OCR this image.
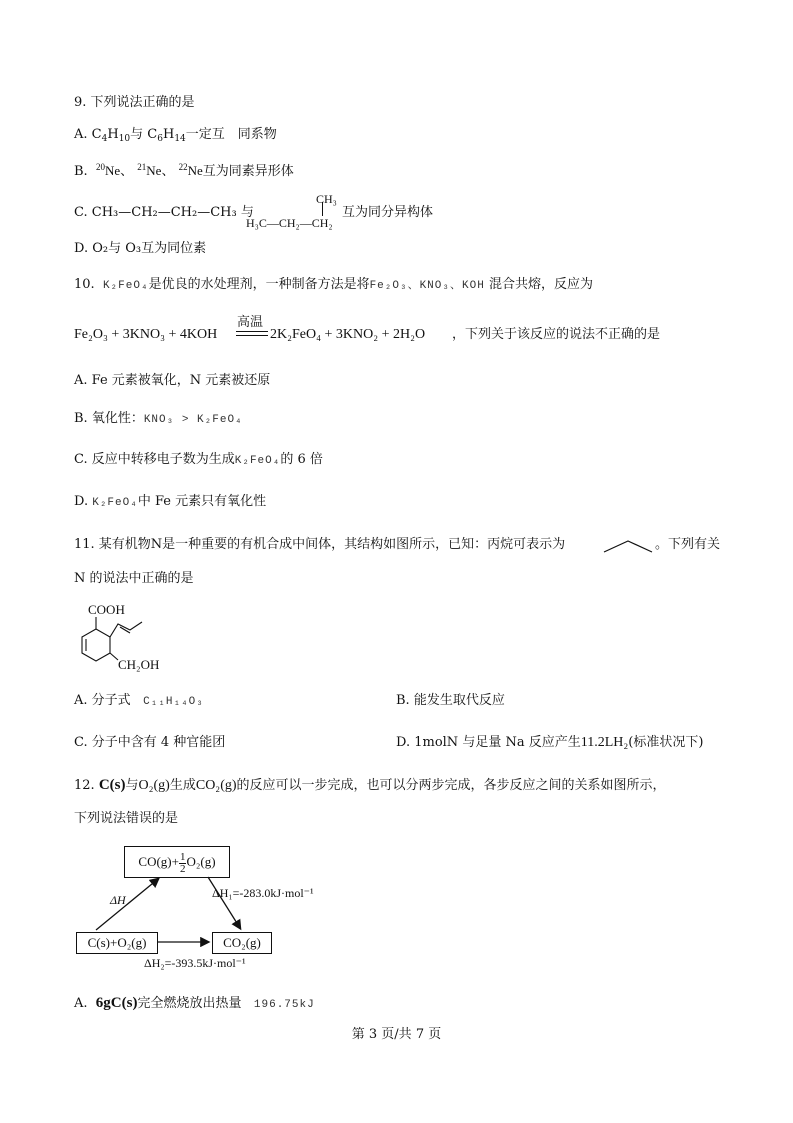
9. 下列说法正确的是
A. $C_4H_{10}$与 $C_6H_{14}$一定互　同系物
B. $^{20}$Ne、 $^{21}$Ne、 $^{22}$Ne互为同素异形体
C. CH₃—CH₂—CH₂—CH₃ 与
CH₃
H₃C—CH₂—CH₂
互为同分异构体
D. O₂与 O₃互为同位素
10. K₂FeO₄是优良的水处理剂，一种制备方法是将Fe₂O₃、KNO₃、KOH 混合共熔，反应为
高温
Fe₂O₃ + 3KNO₃ + 4KOH	2K₂FeO₄ + 3KNO₂ + 2H₂O ，下列关于该反应的说法不正确的是
A. Fe 元素被氧化，N 元素被还原
B. 氧化性：KNO₃ > K₂FeO₄
C. 反应中转移电子数为生成K₂FeO₄的 6 倍
D. K₂FeO₄中 Fe 元素只有氧化性
11. 某有机物N是一种重要的有机合成中间体，其结构如图所示，已知：丙烷可表示为	。下列有关
N 的说法中正确的是
COOH
CH₂OH
A. 分子式 C₁₁H₁₄O₃	B. 能发生取代反应
C. 分子中含有 4 种官能团	D. 1molN 与足量 Na 反应产生11.2LH₂(标准状况下)
12. C(s)与O₂(g)生成CO₂(g)的反应可以一步完成，也可以分两步完成，各步反应之间的关系如图所示，
下列说法错误的是
$CO(g)+ \frac{1}{2} O_2(g)$
C(s)+O₂(g)	CO₂(g)
ΔH	ΔH₁=-283.0kJ·mol⁻¹
ΔH₂=-393.5kJ·mol⁻¹
A. 6gC(s)完全燃烧放出热量 196.75kJ
第 3 页/共 7 页
